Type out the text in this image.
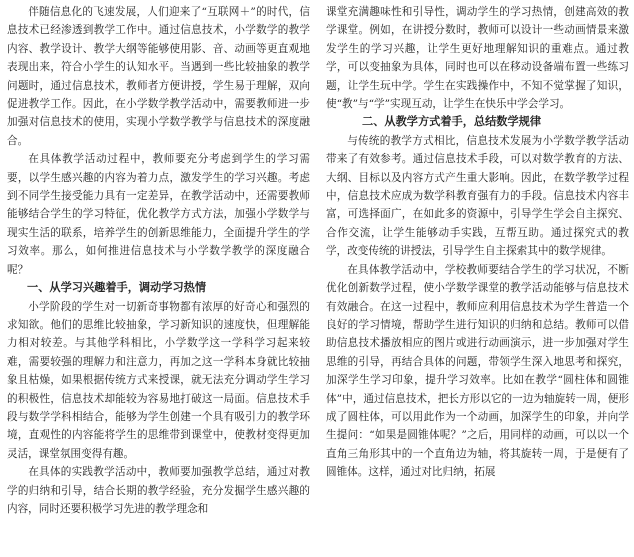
伴随信息化的飞速发展，人们迎来了“互联网＋”的时代，信息技术已经渗透到教学工作中。通过信息技术，小学数学的教学内容、教学设计、教学大纲等能够使用影、音、动画等更直观地表现出来，符合小学生的认知水平。当遇到一些比较抽象的教学问题时，通过信息技术，教师者方便讲授，学生易于理解，双向促进教学工作。因此，在小学数学教学活动中，需要教师进一步加强对信息技术的使用，实现小学数学教学与信息技术的深度融合。

在具体教学活动过程中，教师要充分考虑到学生的学习需要，以学生感兴趣的内容为着力点，激发学生的学习兴趣。考虑到不同学生接受能力具有一定差异，在教学活动中，还需要教师能够结合学生的学习特征，优化教学方式方法，加强小学数学与现实生活的联系，培养学生的创新思维能力，全面提升学生的学习效率。那么，如何推进信息技术与小学数学教学的深度融合呢？

一、从学习兴趣着手，调动学习热情

小学阶段的学生对一切新奇事物都有浓厚的好奇心和强烈的求知欲。他们的思维比较抽象，学习新知识的速度快，但理解能力相对较差。与其他学科相比，小学数学这一学科学习起来较难，需要较强的理解力和注意力，再加之这一学科本身就比较抽象且枯燥，如果根据传统方式来授课，就无法充分调动学生学习的积极性，信息技术却能较为容易地打破这一局面。信息技术手段与数学学科相结合，能够为学生创建一个具有吸引力的教学环境，直观性的内容能将学生的思维带到课堂中，使教材变得更加灵活，课堂氛围变得有趣。

在具体的实践教学活动中，教师要加强教学总结，通过对教学的归纳和引导，结合长期的教学经验，充分发掘学生感兴趣的内容，同时还要积极学习先进的教学理念和

课堂充满趣味性和引导性，调动学生的学习热情，创建高效的教学课堂。例如，在讲授分数时，教师可以设计一些动画情景来激发学生的学习兴趣，让学生更好地理解知识的重难点。通过教学，可以变抽象为具体，同时也可以在移动设备端布置一些练习题，让学生玩中学。学生在实践操作中，不知不觉掌握了知识，使“教”与“学”实现互动，让学生在快乐中学会学习。

二、从教学方式着手，总结数学规律

与传统的教学方式相比，信息技术发展为小学数学教学活动带来了有效参考。通过信息技术手段，可以对数学教育的方法、大纲、目标以及内容方式产生重大影响。因此，在数学教学过程中，信息技术应成为数学科教育强有力的手段。信息技术内容丰富，可选择面广，在如此多的资源中，引导学生学会自主探究、合作交流，让学生能够动手实践，互帮互助。通过探究式的教学，改变传统的讲授法，引导学生自主探索其中的数学规律。

在具体教学活动中，学校教师要结合学生的学习状况，不断优化创新数学过程，使小学数学课堂的教学活动能够与信息技术有效融合。在这一过程中，教师应利用信息技术为学生普造一个良好的学习情境，帮助学生进行知识的归纳和总结。教师可以借助信息技术播放相应的图片或进行动画演示，进一步加强对学生思维的引导，再结合具体的问题，带领学生深入地思考和探究，加深学生学习印象，提升学习效率。比如在教学“圆柱体和圆锥体”中，通过信息技术，把长方形以它的一边为轴旋转一周，便形成了圆柱体，可以用此作为一个动画，加深学生的印象，并向学生提问：“如果是圆锥体呢？”之后，用同样的动画，可以以一个直角三角形其中的一个直角边为轴，将其旋转一周，于是便有了圆锥体。这样，通过对比归纳，拓展
